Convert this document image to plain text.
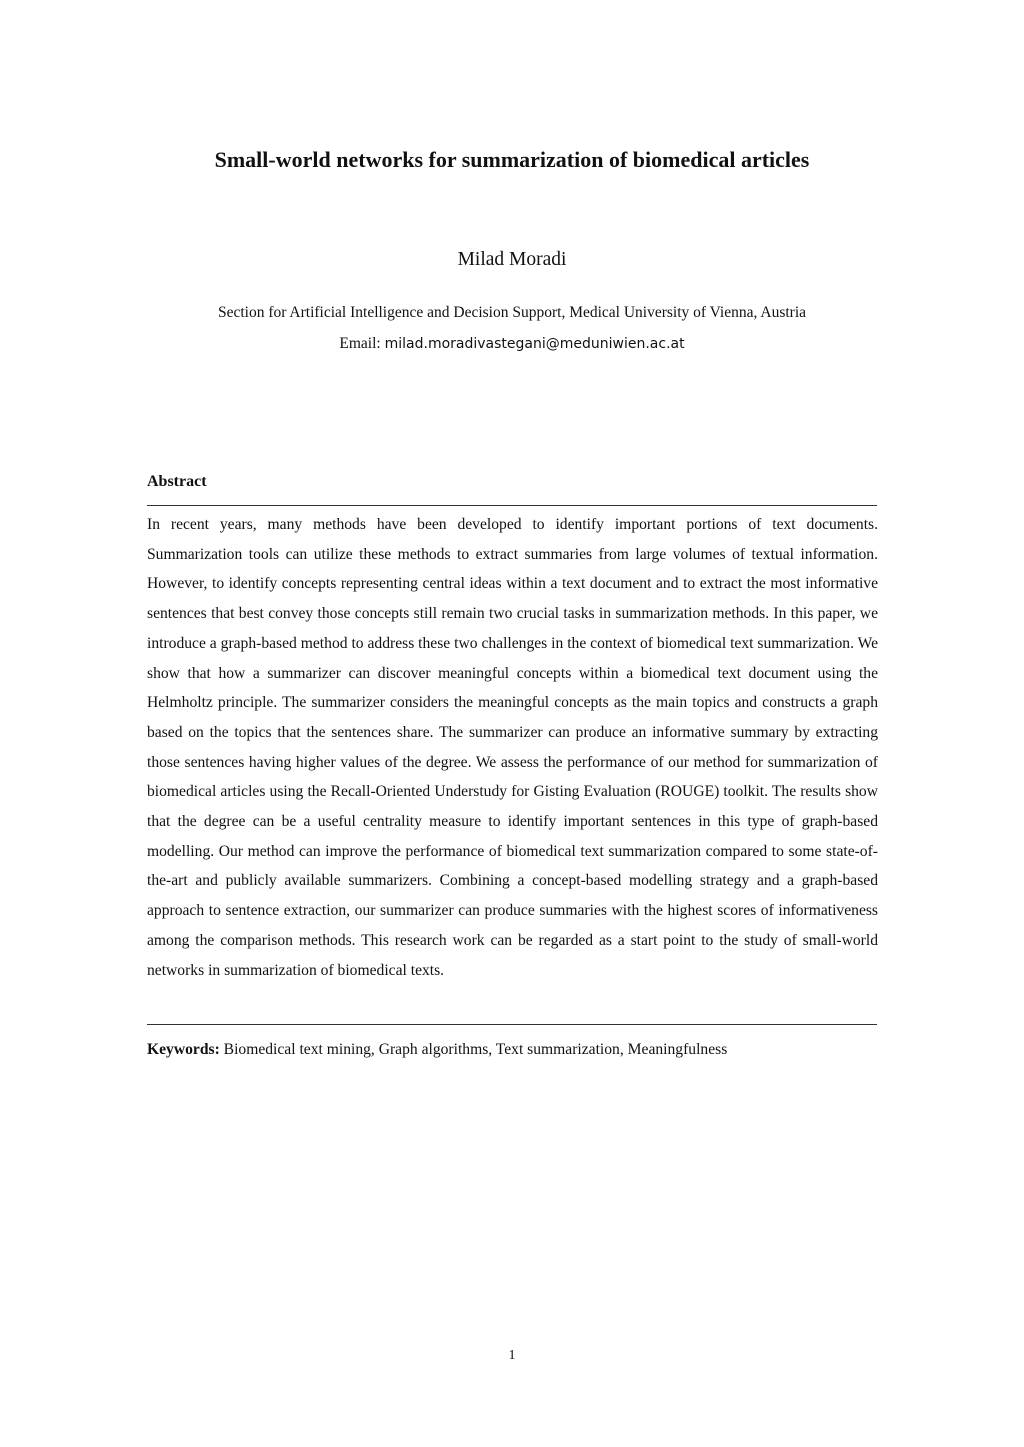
Small-world networks for summarization of biomedical articles
Milad Moradi
Section for Artificial Intelligence and Decision Support, Medical University of Vienna, Austria
Email: milad.moradivastegani@meduniwien.ac.at
Abstract

In recent years, many methods have been developed to identify important portions of text documents. Summarization tools can utilize these methods to extract summaries from large volumes of textual information. However, to identify concepts representing central ideas within a text document and to extract the most informative sentences that best convey those concepts still remain two crucial tasks in summarization methods. In this paper, we introduce a graph-based method to address these two challenges in the context of biomedical text summarization. We show that how a summarizer can discover meaningful concepts within a biomedical text document using the Helmholtz principle. The summarizer considers the meaningful concepts as the main topics and constructs a graph based on the topics that the sentences share. The summarizer can produce an informative summary by extracting those sentences having higher values of the degree. We assess the performance of our method for summarization of biomedical articles using the Recall-Oriented Understudy for Gisting Evaluation (ROUGE) toolkit. The results show that the degree can be a useful centrality measure to identify important sentences in this type of graph-based modelling. Our method can improve the performance of biomedical text summarization compared to some state-of-the-art and publicly available summarizers. Combining a concept-based modelling strategy and a graph-based approach to sentence extraction, our summarizer can produce summaries with the highest scores of informativeness among the comparison methods. This research work can be regarded as a start point to the study of small-world networks in summarization of biomedical texts.

Keywords: Biomedical text mining, Graph algorithms, Text summarization, Meaningfulness

1
